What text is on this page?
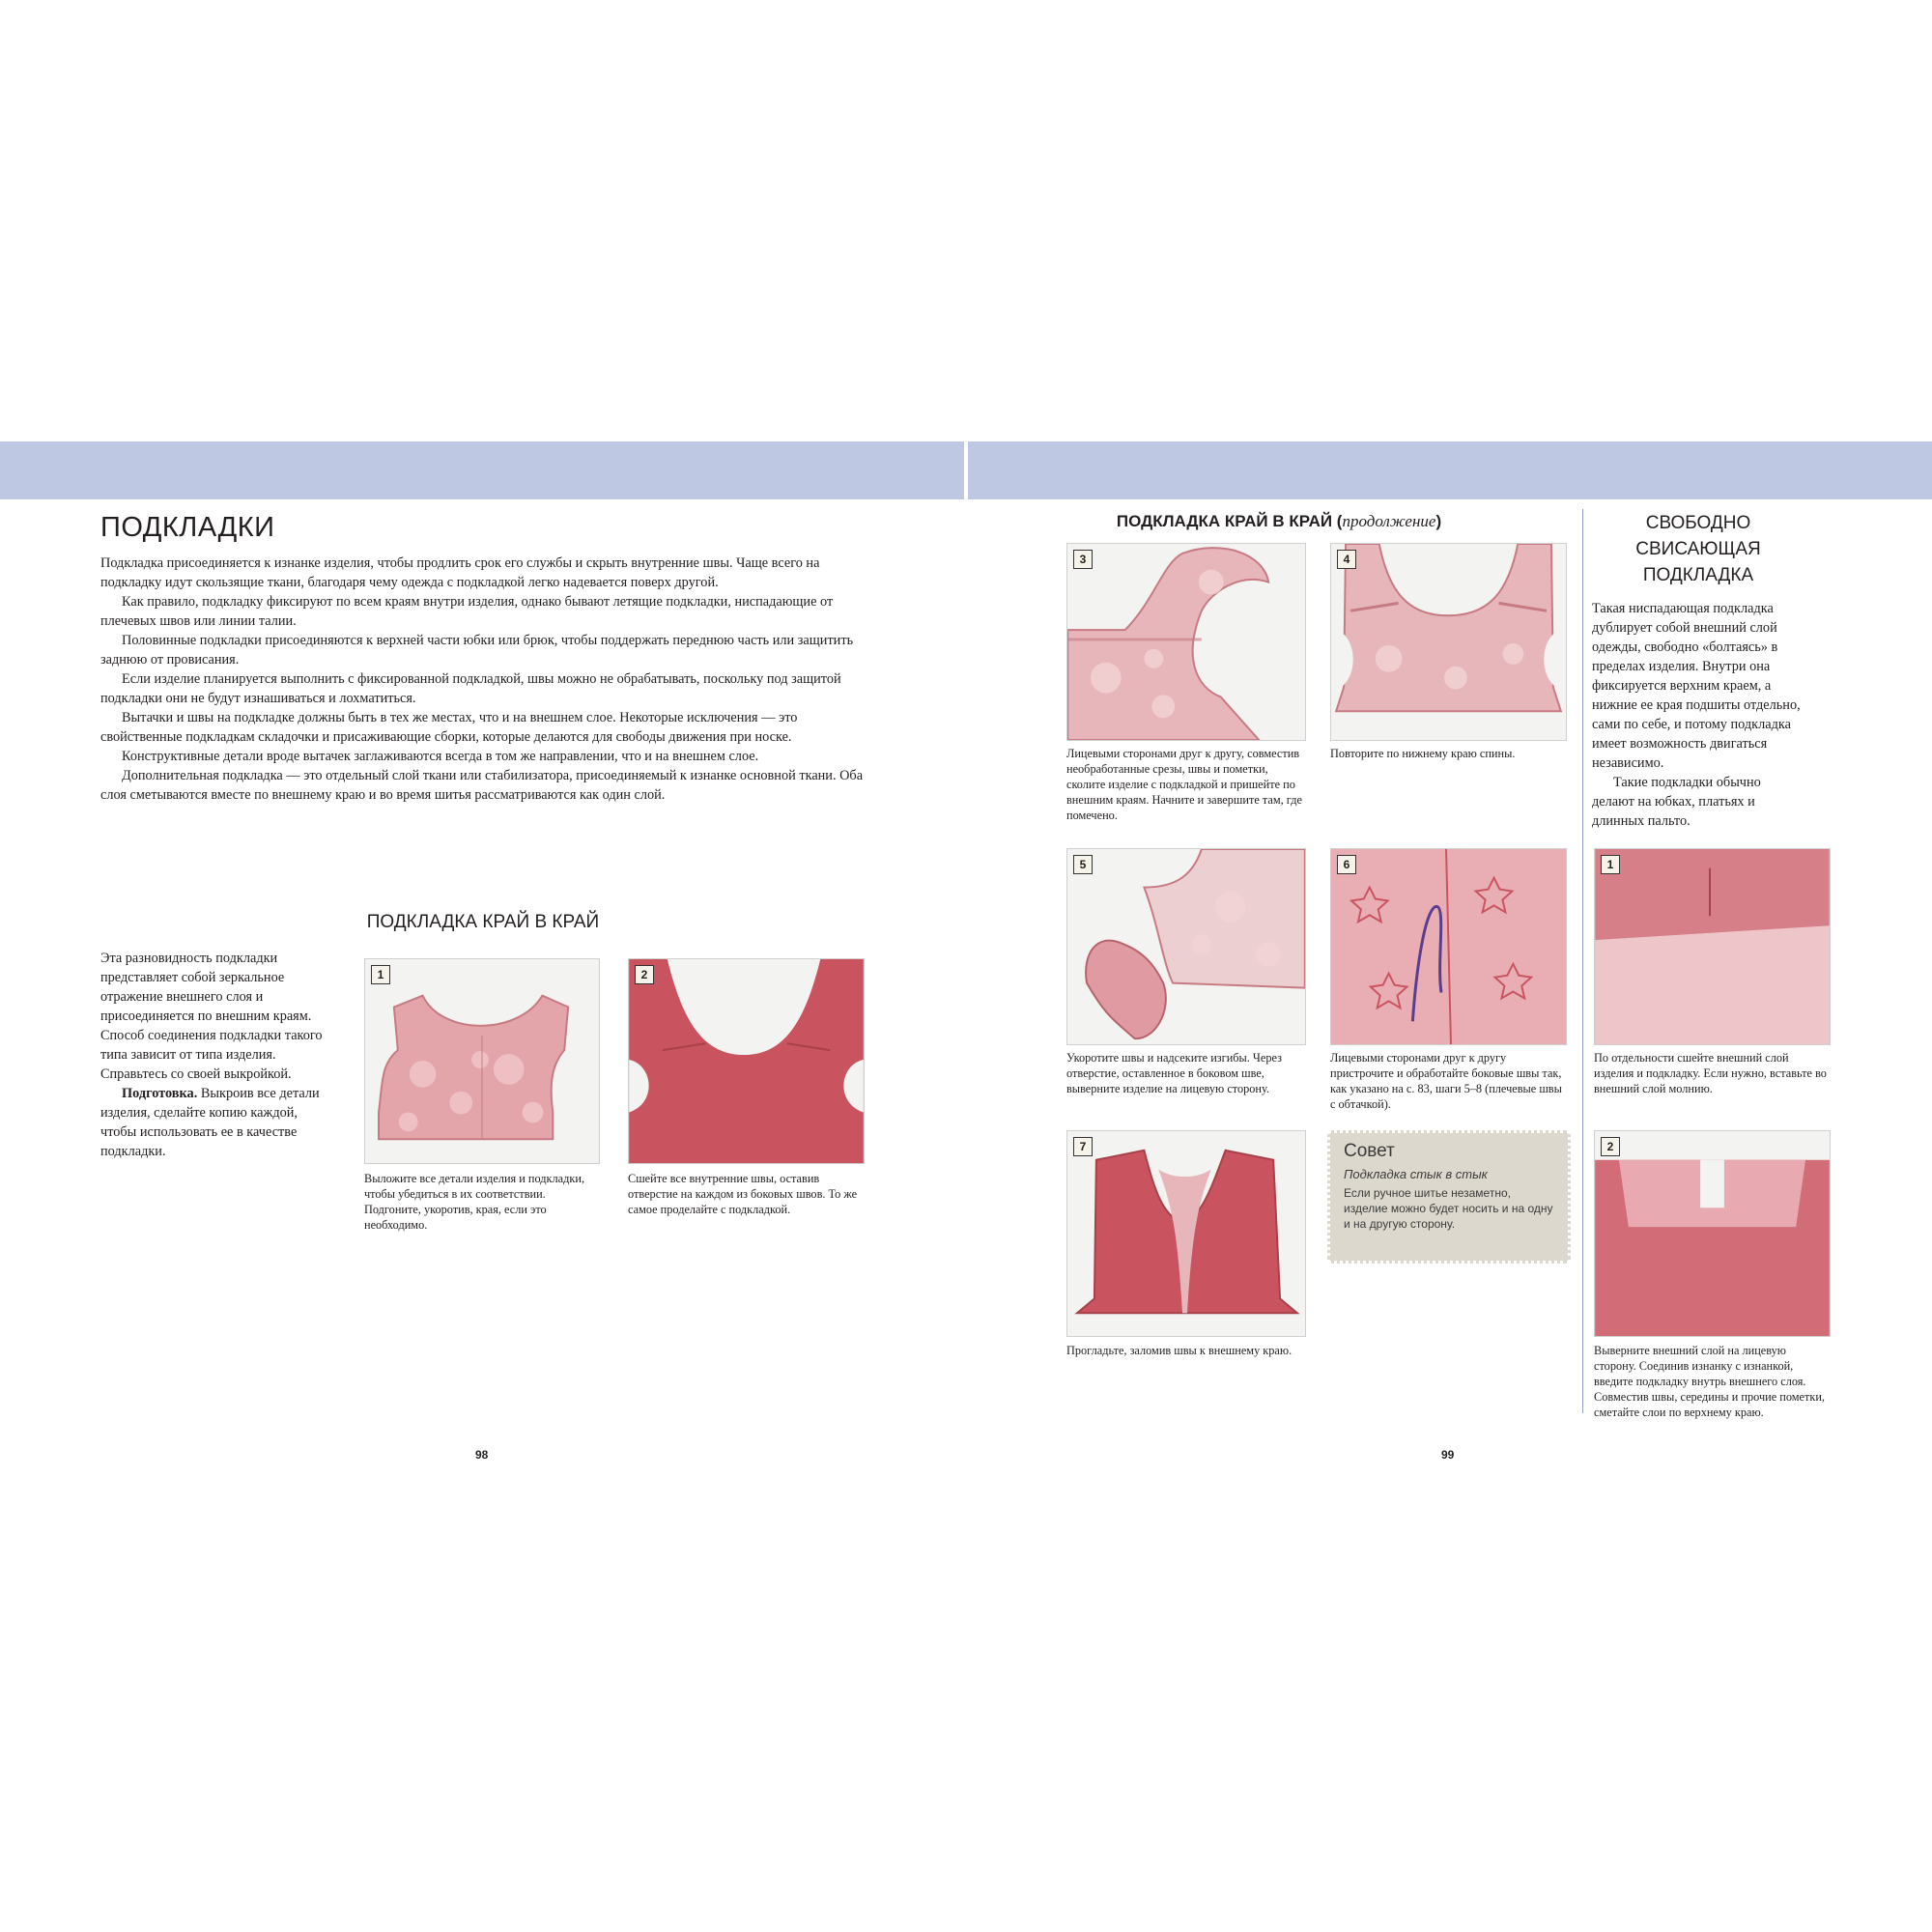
ПОДКЛАДКИ

Подкладка присоединяется к изнанке изделия, чтобы продлить срок его службы и скрыть внутренние швы. Чаще всего на подкладку идут скользящие ткани, благодаря чему одежда с подкладкой легко надевается поверх другой.

Как правило, подкладку фиксируют по всем краям внутри изделия, однако бывают летящие подкладки, ниспадающие от плечевых швов или линии талии.

Половинные подкладки присоединяются к верхней части юбки или брюк, чтобы поддержать переднюю часть или защитить заднюю от провисания.

Если изделие планируется выполнить с фиксированной подкладкой, швы можно не обрабатывать, поскольку под защитой подкладки они не будут изнашиваться и лохматиться.

Вытачки и швы на подкладке должны быть в тех же местах, что и на внешнем слое. Некоторые исключения — это свойственные подкладкам складочки и присаживающие сборки, которые делаются для свободы движения при носке.

Конструктивные детали вроде вытачек заглаживаются всегда в том же направлении, что и на внешнем слое.

Дополнительная подкладка — это отдельный слой ткани или стабилизатора, присоединяемый к изнанке основной ткани. Оба слоя сметываются вместе по внешнему краю и во время шитья рассматриваются как один слой.

ПОДКЛАДКА КРАЙ В КРАЙ

Эта разновидность подкладки представляет собой зеркальное отражение внешнего слоя и присоединяется по внешним краям. Способ соединения подкладки такого типа зависит от типа изделия. Справьтесь со своей выкройкой.

Подготовка. Выкроив все детали изделия, сделайте копию каждой, чтобы использовать ее в качестве подкладки.

1
Выложите все детали изделия и подкладки, чтобы убедиться в их соответствии. Подгоните, укоротив, края, если это необходимо.
2
Сшейте все внутренние швы, оставив отверстие на каждом из боковых швов. То же самое проделайте с подкладкой.
98
ПОДКЛАДКА КРАЙ В КРАЙ (продолжение)
3
Лицевыми сторонами друг к другу, совместив необработанные срезы, швы и пометки, сколите изделие с подкладкой и пришейте по внешним краям. Начните и завершите там, где помечено.
4
Повторите по нижнему краю спины.
5
Укоротите швы и надсеките изгибы. Через отверстие, оставленное в боковом шве, выверните изделие на лицевую сторону.
6
Лицевыми сторонами друг к другу пристрочите и обработайте боковые швы так, как указано на с. 83, шаги 5–8 (плечевые швы с обтачкой).
7
Прогладьте, заломив швы к внешнему краю.
Совет
Подкладка стык в стык
Если ручное шитье незаметно, изделие можно будет носить и на одну и на другую сторону.
СВОБОДНО СВИСАЮЩАЯ ПОДКЛАДКА

Такая ниспадающая подкладка дублирует собой внешний слой одежды, свободно «болтаясь» в пределах изделия. Внутри она фиксируется верхним краем, а нижние ее края подшиты отдельно, сами по себе, и потому подкладка имеет возможность двигаться независимо.

Такие подкладки обычно делают на юбках, платьях и длинных пальто.

1
По отдельности сшейте внешний слой изделия и подкладку. Если нужно, вставьте во внешний слой молнию.
2
Выверните внешний слой на лицевую сторону. Соединив изнанку с изнанкой, введите подкладку внутрь внешнего слоя. Совместив швы, середины и прочие пометки, сметайте слои по верхнему краю.
99
